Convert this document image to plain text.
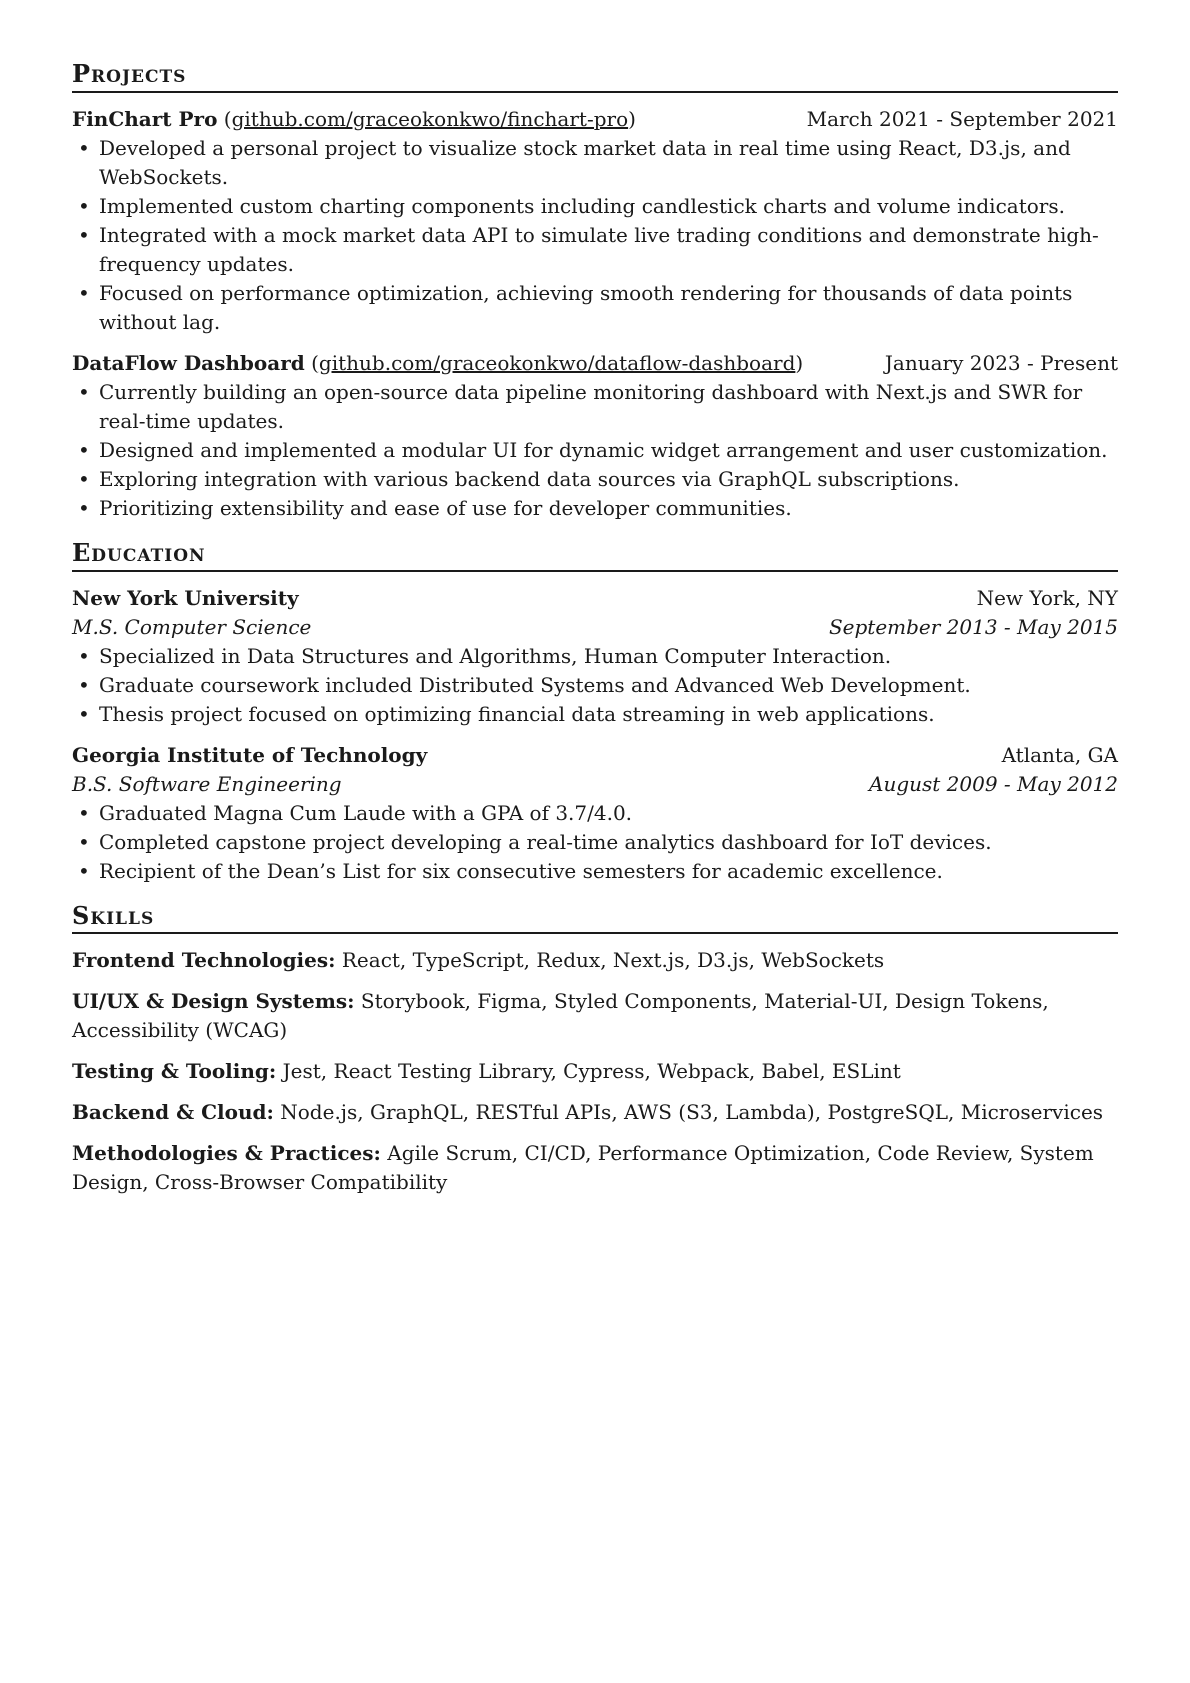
Projects
FinChart Pro (github.com/graceokonkwo/finchart-pro)	March 2021 - September 2021
• Developed a personal project to visualize stock market data in real time using React, D3.js, and WebSockets.
• Implemented custom charting components including candlestick charts and volume indicators.
• Integrated with a mock market data API to simulate live trading conditions and demonstrate high-frequency updates.
• Focused on performance optimization, achieving smooth rendering for thousands of data points without lag.
DataFlow Dashboard (github.com/graceokonkwo/dataflow-dashboard)	January 2023 - Present
• Currently building an open-source data pipeline monitoring dashboard with Next.js and SWR for real-time updates.
• Designed and implemented a modular UI for dynamic widget arrangement and user customization.
• Exploring integration with various backend data sources via GraphQL subscriptions.
• Prioritizing extensibility and ease of use for developer communities.
Education
New York University	New York, NY
M.S. Computer Science	September 2013 - May 2015
• Specialized in Data Structures and Algorithms, Human Computer Interaction.
• Graduate coursework included Distributed Systems and Advanced Web Development.
• Thesis project focused on optimizing financial data streaming in web applications.
Georgia Institute of Technology	Atlanta, GA
B.S. Software Engineering	August 2009 - May 2012
• Graduated Magna Cum Laude with a GPA of 3.7/4.0.
• Completed capstone project developing a real-time analytics dashboard for IoT devices.
• Recipient of the Dean’s List for six consecutive semesters for academic excellence.
Skills
Frontend Technologies: React, TypeScript, Redux, Next.js, D3.js, WebSockets
UI/UX & Design Systems: Storybook, Figma, Styled Components, Material-UI, Design Tokens, Accessibility (WCAG)
Testing & Tooling: Jest, React Testing Library, Cypress, Webpack, Babel, ESLint
Backend & Cloud: Node.js, GraphQL, RESTful APIs, AWS (S3, Lambda), PostgreSQL, Microservices
Methodologies & Practices: Agile Scrum, CI/CD, Performance Optimization, Code Review, System Design, Cross-Browser Compatibility
